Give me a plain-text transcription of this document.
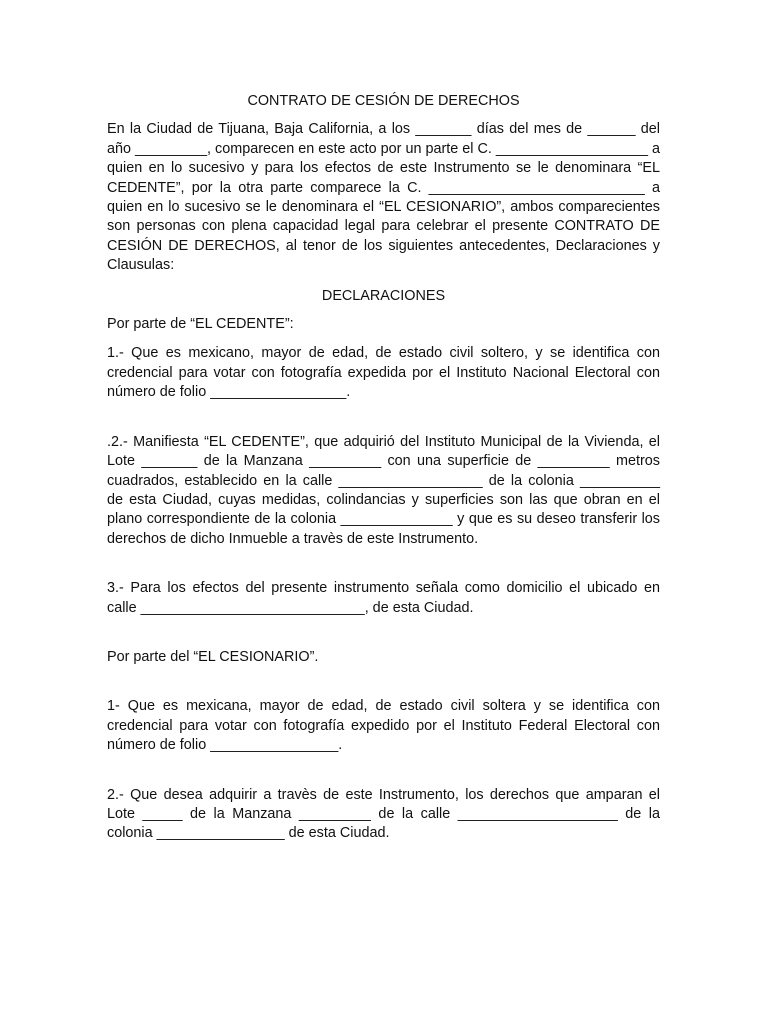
CONTRATO DE CESIÓN DE DERECHOS

En la Ciudad de Tijuana, Baja California, a los _______ días del mes de ______ del año _________, comparecen en este acto por un parte el C. ___________________ a quien en lo sucesivo y para los efectos de este Instrumento se le denominara “EL CEDENTE”, por la otra parte comparece la C. ___________________________ a quien en lo sucesivo se le denominara el “EL CESIONARIO”, ambos comparecientes son personas con plena capacidad legal para celebrar el presente CONTRATO DE CESIÓN DE DERECHOS, al tenor de los siguientes antecedentes, Declaraciones y Clausulas:

DECLARACIONES

Por parte de “EL CEDENTE”:

1.- Que es mexicano, mayor de edad, de estado civil soltero, y se identifica con credencial para votar con fotografía expedida por el Instituto Nacional Electoral con número de folio _________________.

.2.- Manifiesta “EL CEDENTE”, que adquirió del Instituto Municipal de la Vivienda, el Lote _______ de la Manzana _________ con una superficie de _________ metros cuadrados, establecido en la calle __________________ de la colonia __________ de esta Ciudad, cuyas medidas, colindancias y superficies son las que obran en el plano correspondiente de la colonia ______________ y que es su deseo transferir los derechos de dicho Inmueble a travès de este Instrumento.

3.- Para los efectos del presente instrumento señala como domicilio el ubicado en calle ____________________________, de esta Ciudad.

Por parte del “EL CESIONARIO”.

1- Que es mexicana, mayor de edad, de estado civil soltera y se identifica con credencial para votar con fotografía expedido por el Instituto Federal Electoral con número de folio ________________.

2.- Que desea adquirir a travès de este Instrumento, los derechos que amparan el Lote _____ de la Manzana _________ de la calle ____________________ de la colonia ________________ de esta Ciudad.
